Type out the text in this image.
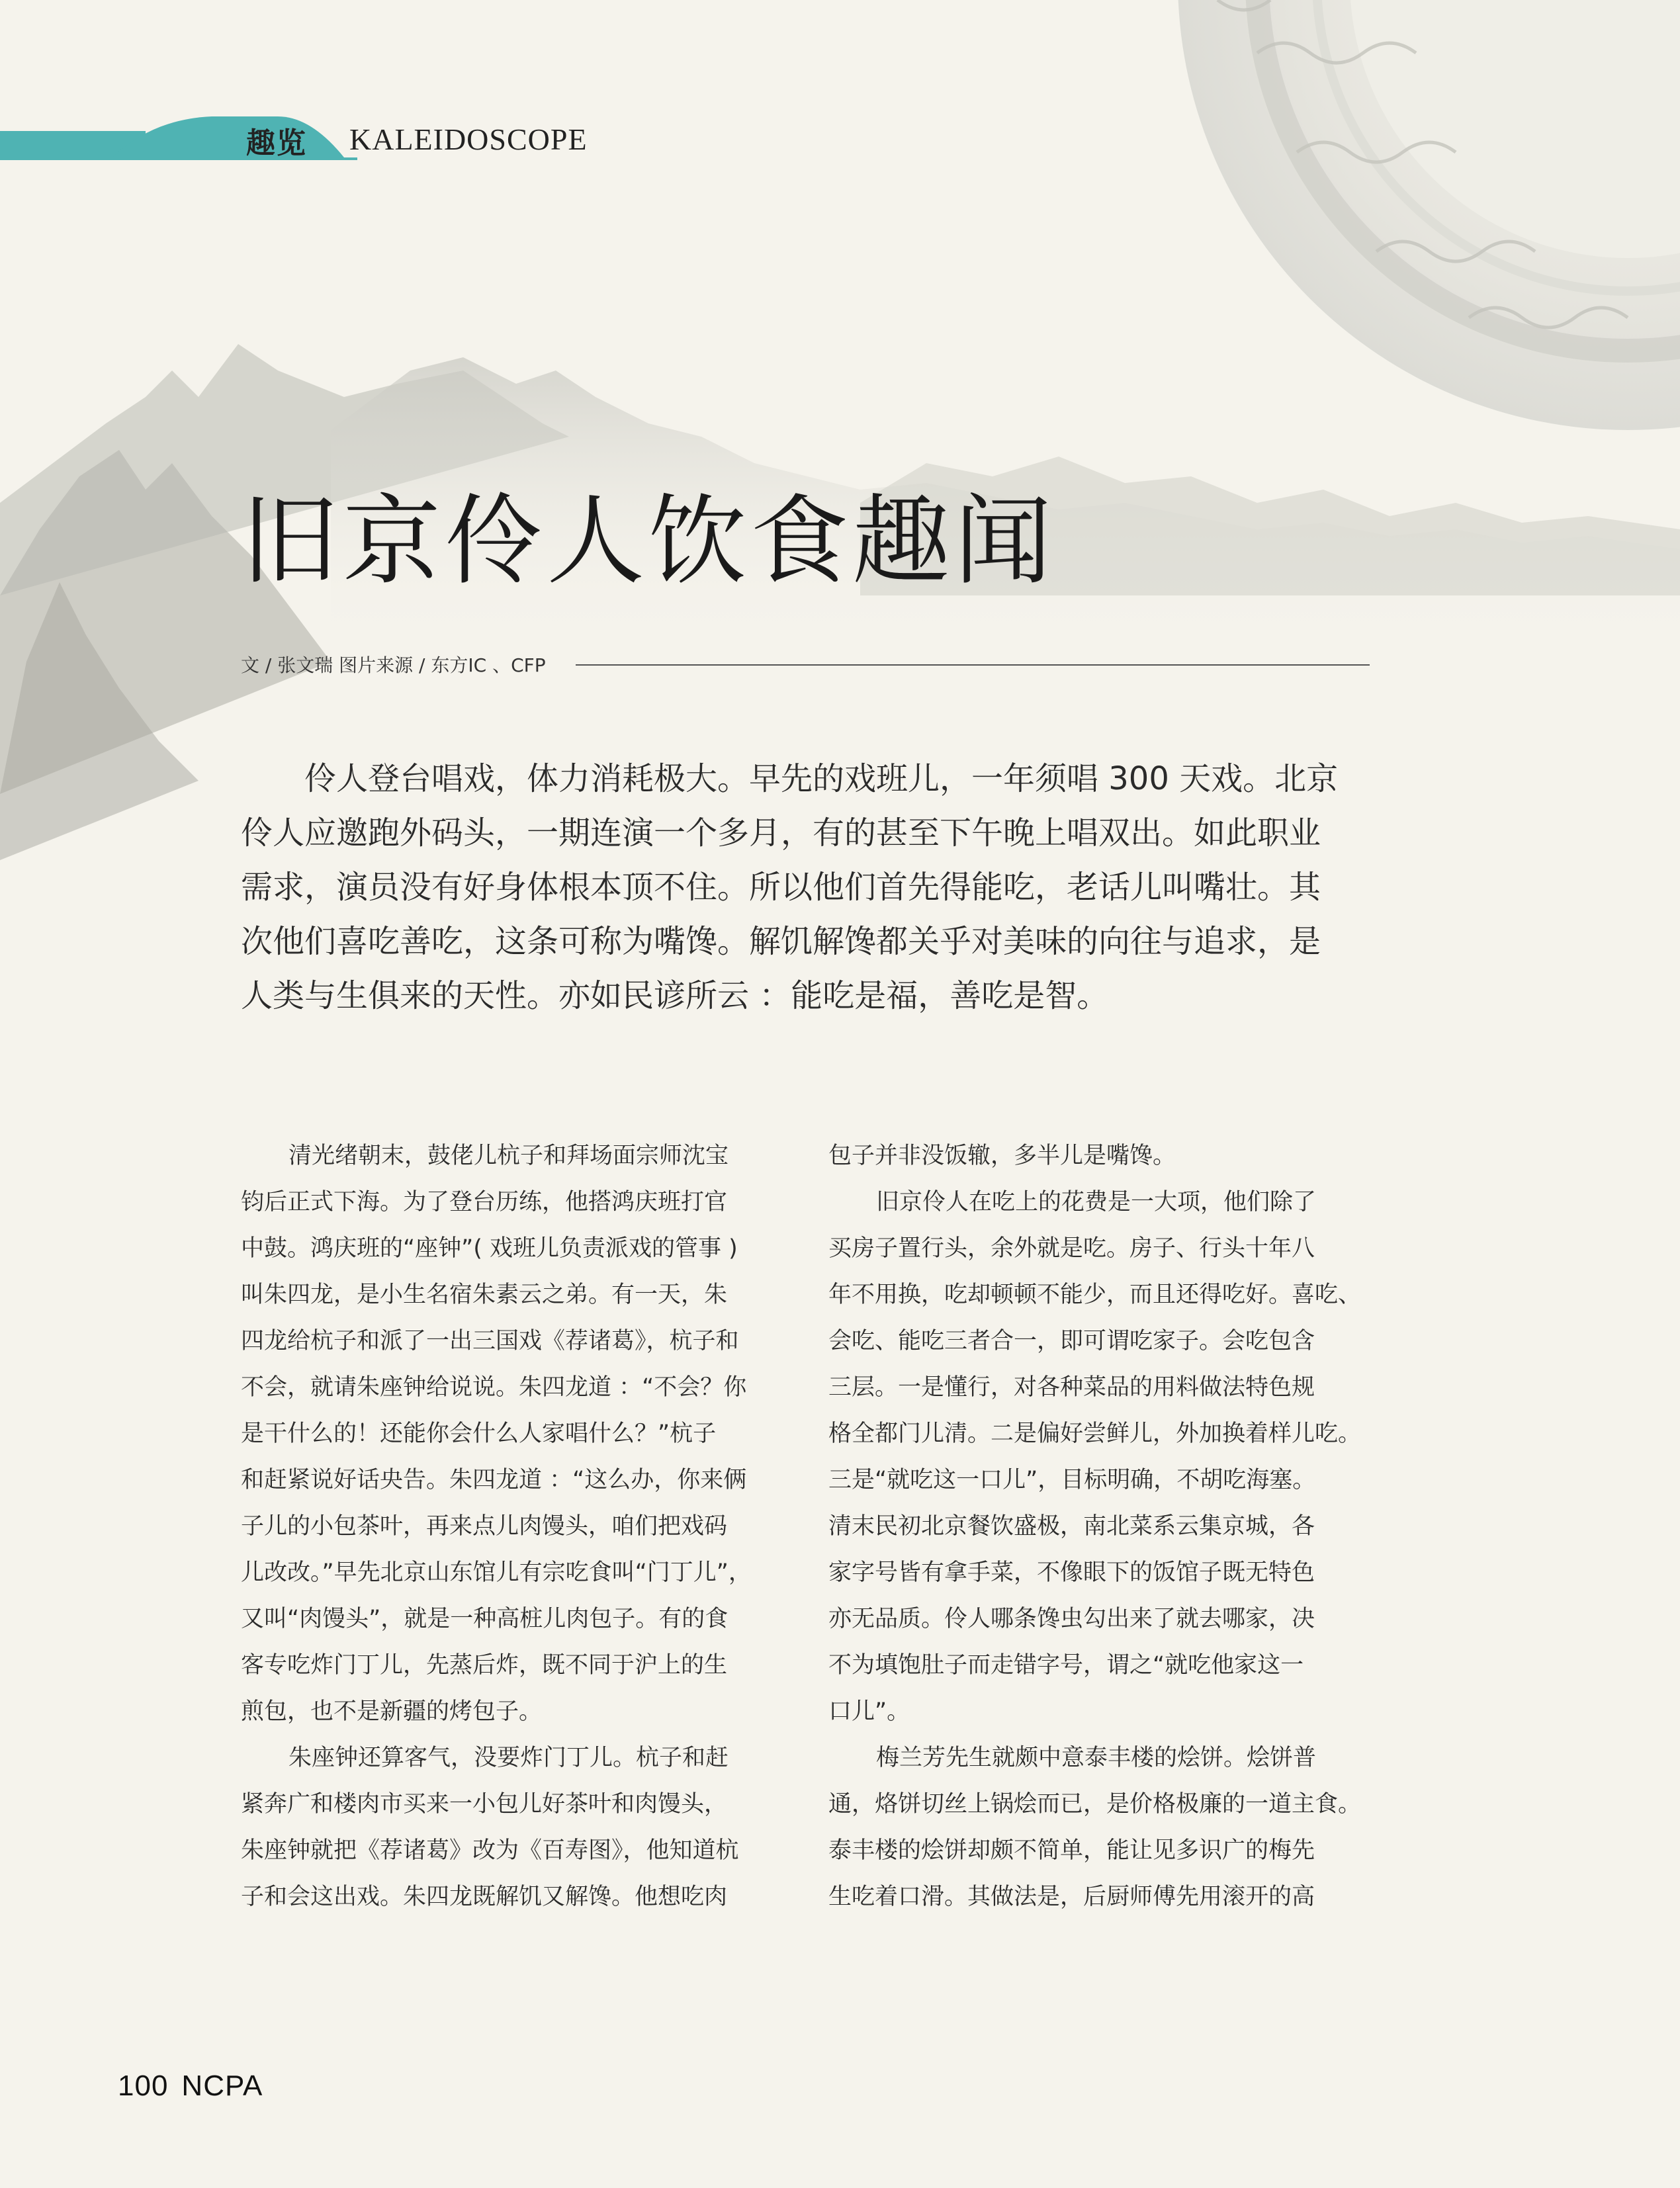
趣览 KALEIDOSCOPE
旧京伶人饮食趣闻
文 / 张文瑞 图片来源 / 东方IC 、CFP
伶人登台唱戏，体力消耗极大。早先的戏班儿，一年须唱 300 天戏。北京
伶人应邀跑外码头，一期连演一个多月，有的甚至下午晚上唱双出。如此职业
需求，演员没有好身体根本顶不住。所以他们首先得能吃，老话儿叫嘴壮。其
次他们喜吃善吃，这条可称为嘴馋。解饥解馋都关乎对美味的向往与追求，是
人类与生俱来的天性。亦如民谚所云 ：能吃是福，善吃是智。
清光绪朝末，鼓佬儿杭子和拜场面宗师沈宝
钧后正式下海。为了登台历练，他搭鸿庆班打官
中鼓。鸿庆班的“座钟”( 戏班儿负责派戏的管事 )
叫朱四龙，是小生名宿朱素云之弟。有一天，朱
四龙给杭子和派了一出三国戏《荐诸葛》，杭子和
不会，就请朱座钟给说说。朱四龙道 ：“不会？你
是干什么的！还能你会什么人家唱什么？”杭子
和赶紧说好话央告。朱四龙道 ：“这么办，你来俩
子儿的小包茶叶，再来点儿肉馒头，咱们把戏码
儿改改。”早先北京山东馆儿有宗吃食叫“门丁儿”，
又叫“肉馒头”，就是一种高桩儿肉包子。有的食
客专吃炸门丁儿，先蒸后炸，既不同于沪上的生
煎包，也不是新疆的烤包子。
朱座钟还算客气，没要炸门丁儿。杭子和赶
紧奔广和楼肉市买来一小包儿好茶叶和肉馒头，
朱座钟就把《荐诸葛》改为《百寿图》，他知道杭
子和会这出戏。朱四龙既解饥又解馋。他想吃肉
包子并非没饭辙，多半儿是嘴馋。
旧京伶人在吃上的花费是一大项，他们除了
买房子置行头，余外就是吃。房子、行头十年八
年不用换，吃却顿顿不能少，而且还得吃好。喜吃、
会吃、能吃三者合一，即可谓吃家子。会吃包含
三层。一是懂行，对各种菜品的用料做法特色规
格全都门儿清。二是偏好尝鲜儿，外加换着样儿吃。
三是“就吃这一口儿”，目标明确，不胡吃海塞。
清末民初北京餐饮盛极，南北菜系云集京城，各
家字号皆有拿手菜，不像眼下的饭馆子既无特色
亦无品质。伶人哪条馋虫勾出来了就去哪家，决
不为填饱肚子而走错字号，谓之“就吃他家这一
口儿”。
梅兰芳先生就颇中意泰丰楼的烩饼。烩饼普
通，烙饼切丝上锅烩而已，是价格极廉的一道主食。
泰丰楼的烩饼却颇不简单，能让见多识广的梅先
生吃着口滑。其做法是，后厨师傅先用滚开的高
100 NCPA
